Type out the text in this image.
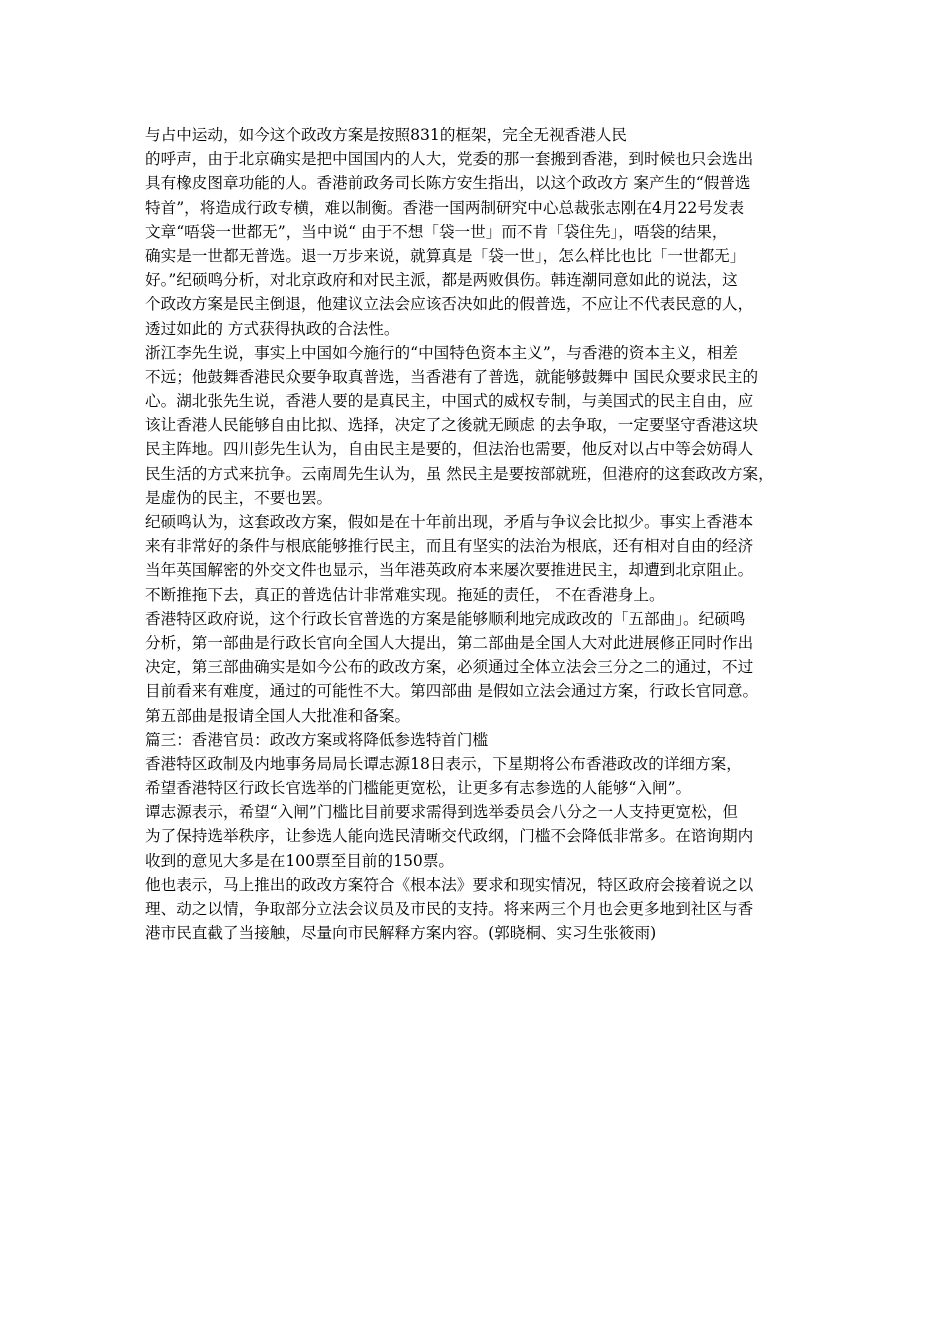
与占中运动，如今这个政改方案是按照831的框架，完全无视香港人民
的呼声，由于北京确实是把中国国内的人大，党委的那一套搬到香港，到时候也只会选出
具有橡皮图章功能的人。香港前政务司长陈方安生指出，以这个政改方 案产生的“假普选
特首”，将造成行政专横，难以制衡。香港一国两制研究中心总裁张志刚在4月22号发表
文章“唔袋一世都无”，当中说“ 由于不想「袋一世」而不肯「袋住先」，唔袋的结果，
确实是一世都无普选。退一万步来说，就算真是「袋一世」，怎么样比也比「一世都无」
好。”纪硕鸣分析，对北京政府和对民主派，都是两败俱伤。韩连潮同意如此的说法，这
个政改方案是民主倒退，他建议立法会应该否决如此的假普选，不应让不代表民意的人，
透过如此的 方式获得执政的合法性。
浙江李先生说，事实上中国如今施行的“中国特色资本主义”，与香港的资本主义，相差
不远；他鼓舞香港民众要争取真普选，当香港有了普选，就能够鼓舞中 国民众要求民主的
心。湖北张先生说，香港人要的是真民主，中国式的威权专制，与美国式的民主自由，应
该让香港人民能够自由比拟、选择，决定了之後就无顾虑 的去争取，一定要坚守香港这块
民主阵地。四川彭先生认为，自由民主是要的，但法治也需要，他反对以占中等会妨碍人
民生活的方式来抗争。云南周先生认为，虽 然民主是要按部就班，但港府的这套政改方案，
是虚伪的民主，不要也罢。
纪硕鸣认为，这套政改方案，假如是在十年前出现，矛盾与争议会比拟少。事实上香港本
来有非常好的条件与根底能够推行民主，而且有坚实的法治为根底，还有相对自由的经济
当年英国解密的外交文件也显示，当年港英政府本来屡次要推进民主，却遭到北京阻止。
不断推拖下去，真正的普选估计非常难实现。拖延的责任， 不在香港身上。
香港特区政府说，这个行政长官普选的方案是能够顺利地完成政改的「五部曲」。纪硕鸣
分析，第一部曲是行政长官向全国人大提出，第二部曲是全国人大对此进展修正同时作出
决定，第三部曲确实是如今公布的政改方案，必须通过全体立法会三分之二的通过，不过
目前看来有难度，通过的可能性不大。第四部曲 是假如立法会通过方案，行政长官同意。
第五部曲是报请全国人大批准和备案。
篇三：香港官员：政改方案或将降低参选特首门槛
香港特区政制及内地事务局局长谭志源18日表示，下星期将公布香港政改的详细方案，
希望香港特区行政长官选举的门槛能更宽松，让更多有志参选的人能够“入闸”。
谭志源表示，希望“入闸”门槛比目前要求需得到选举委员会八分之一人支持更宽松，但
为了保持选举秩序，让参选人能向选民清晰交代政纲，门槛不会降低非常多。在谘询期内
收到的意见大多是在100票至目前的150票。
他也表示，马上推出的政改方案符合《根本法》要求和现实情况，特区政府会接着说之以
理、动之以情，争取部分立法会议员及市民的支持。将来两三个月也会更多地到社区与香
港市民直截了当接触，尽量向市民解释方案内容。(郭晓桐、实习生张筱雨)
